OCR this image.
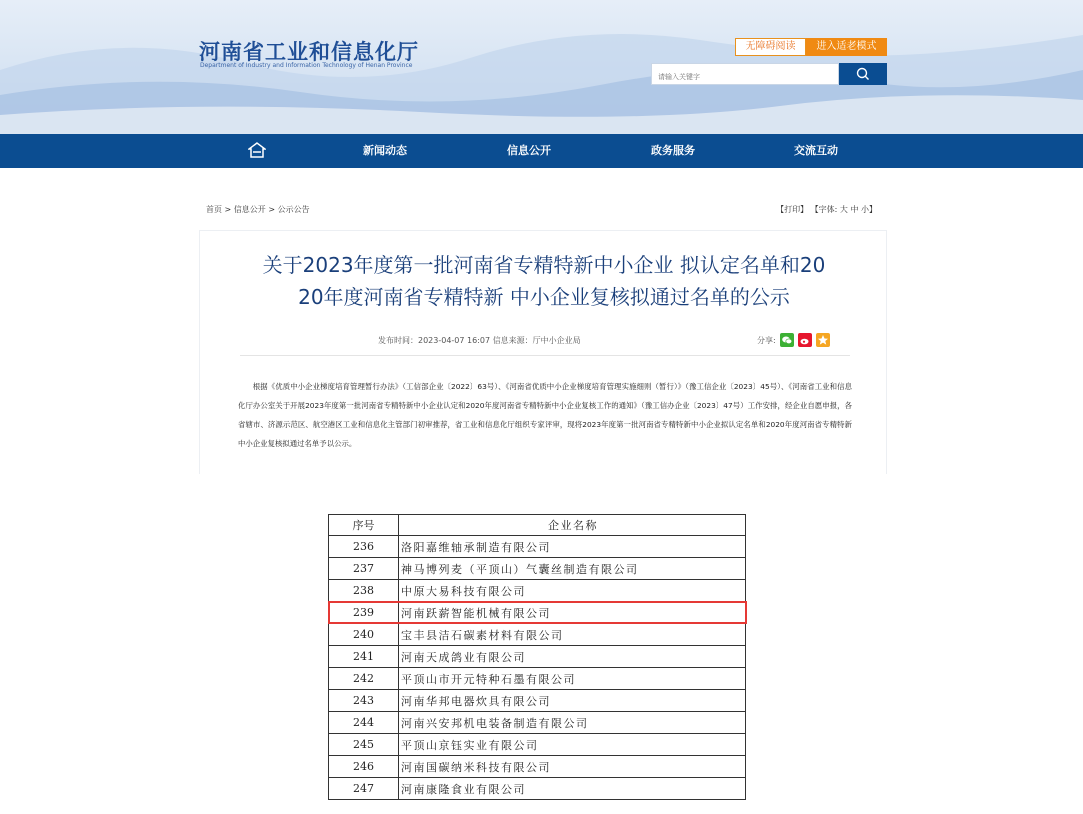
河南省工业和信息化厅
Department of Industry and Information Technology of Henan Province
无障碍阅读	进入适老模式
请输入关键字
新闻动态	信息公开	政务服务	交流互动
首页 > 信息公开 > 公示公告	【打印】 【字体: 大 中 小】
关于2023年度第一批河南省专精特新中小企业 拟认定名单和20
20年度河南省专精特新 中小企业复核拟通过名单的公示
发布时间：2023-04-07 16:07 信息来源：厅中小企业局	分享:
根据《优质中小企业梯度培育管理暂行办法》（工信部企业〔2022〕63号）、《河南省优质中小企业梯度培育管理实施细则（暂行）》（豫工信企业〔2023〕45号）、《河南省工业和信息化厅办公室关于开展2023年度第一批河南省专精特新中小企业认定和2020年度河南省专精特新中小企业复核工作的通知》（豫工信办企业〔2023〕47号）工作安排，经企业自愿申报，各省辖市、济源示范区、航空港区工业和信息化主管部门初审推荐，省工业和信息化厅组织专家评审，现将2023年度第一批河南省专精特新中小企业拟认定名单和2020年度河南省专精特新中小企业复核拟通过名单予以公示。
序号	企业名称
236	洛阳嘉维轴承制造有限公司
237	神马博列麦（平顶山）气囊丝制造有限公司
238	中原大易科技有限公司
239	河南跃薪智能机械有限公司
240	宝丰县洁石碳素材料有限公司
241	河南天成鸽业有限公司
242	平顶山市开元特种石墨有限公司
243	河南华邦电器炊具有限公司
244	河南兴安邦机电装备制造有限公司
245	平顶山京钰实业有限公司
246	河南国碳纳米科技有限公司
247	河南康隆食业有限公司
